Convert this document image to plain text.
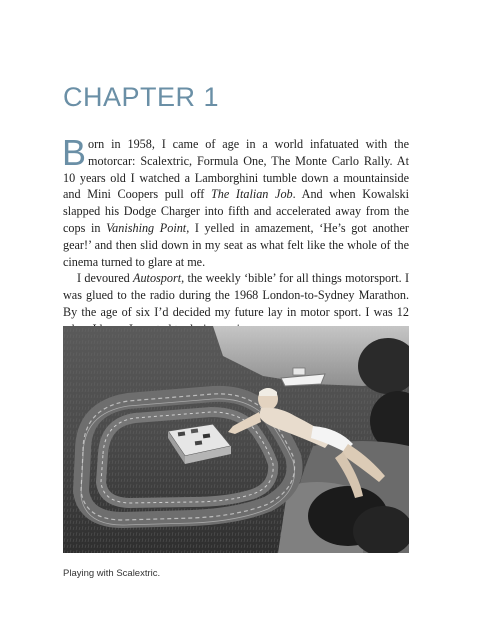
CHAPTER 1

Born in 1958, I came of age in a world infatuated with the motorcar: Scalextric, Formula One, The Monte Carlo Rally. At 10 years old I watched a Lamborghini tumble down a mountainside and Mini Coopers pull off The Italian Job. And when Kowalski slapped his Dodge Charger into fifth and accelerated away from the cops in Vanishing Point, I yelled in amazement, ‘He’s got another gear!’ and then slid down in my seat as what felt like the whole of the cinema turned to glare at me.

I devoured Autosport, the weekly ‘bible’ for all things motorsport. I was glued to the radio during the 1968 London-to-Sydney Marathon. By the age of six I’d decided my future lay in motor sport. I was 12

Playing with Scalextric.
